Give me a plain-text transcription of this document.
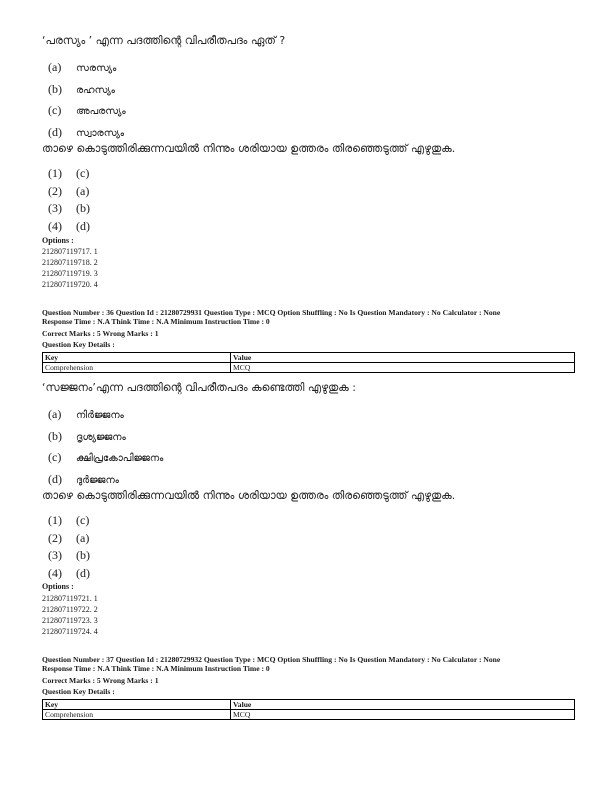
‘പരസ്യം ’ എന്ന പദത്തിന്റെ വിപരീതപദം ഏത് ?
(a) സരസ്യം
(b) രഹസ്യം
(c) അപരസ്യം
(d) സ്വാരസ്യം
താഴെ കൊടുത്തിരിക്കുന്നവയിൽ നിന്നും ശരിയായ ഉത്തരം തിരഞ്ഞെടുത്ത് എഴുതുക.
(1) (c)
(2) (a)
(3) (b)
(4) (d)
Options :
212807119717. 1
212807119718. 2
212807119719. 3
212807119720. 4
Question Number : 36 Question Id : 21280729931 Question Type : MCQ Option Shuffling : No Is Question Mandatory : No Calculator : None
Response Time : N.A Think Time : N.A Minimum Instruction Time : 0
Correct Marks : 5 Wrong Marks : 1
Question Key Details :
Key	Value
Comprehension	MCQ
‘സജ്ജനം’എന്ന പദത്തിന്റെ വിപരീതപദം കണ്ടെത്തി എഴുതുക :
(a) നിർജ്ജനം
(b) ദൃശ്യജ്ജനം
(c) ക്ഷിപ്രകോപിജ്ജനം
(d) ദുർജ്ജനം
താഴെ കൊടുത്തിരിക്കുന്നവയിൽ നിന്നും ശരിയായ ഉത്തരം തിരഞ്ഞെടുത്ത് എഴുതുക.
(1) (c)
(2) (a)
(3) (b)
(4) (d)
Options :
212807119721. 1
212807119722. 2
212807119723. 3
212807119724. 4
Question Number : 37 Question Id : 21280729932 Question Type : MCQ Option Shuffling : No Is Question Mandatory : No Calculator : None
Response Time : N.A Think Time : N.A Minimum Instruction Time : 0
Correct Marks : 5 Wrong Marks : 1
Question Key Details :
Key	Value
Comprehension	MCQ
